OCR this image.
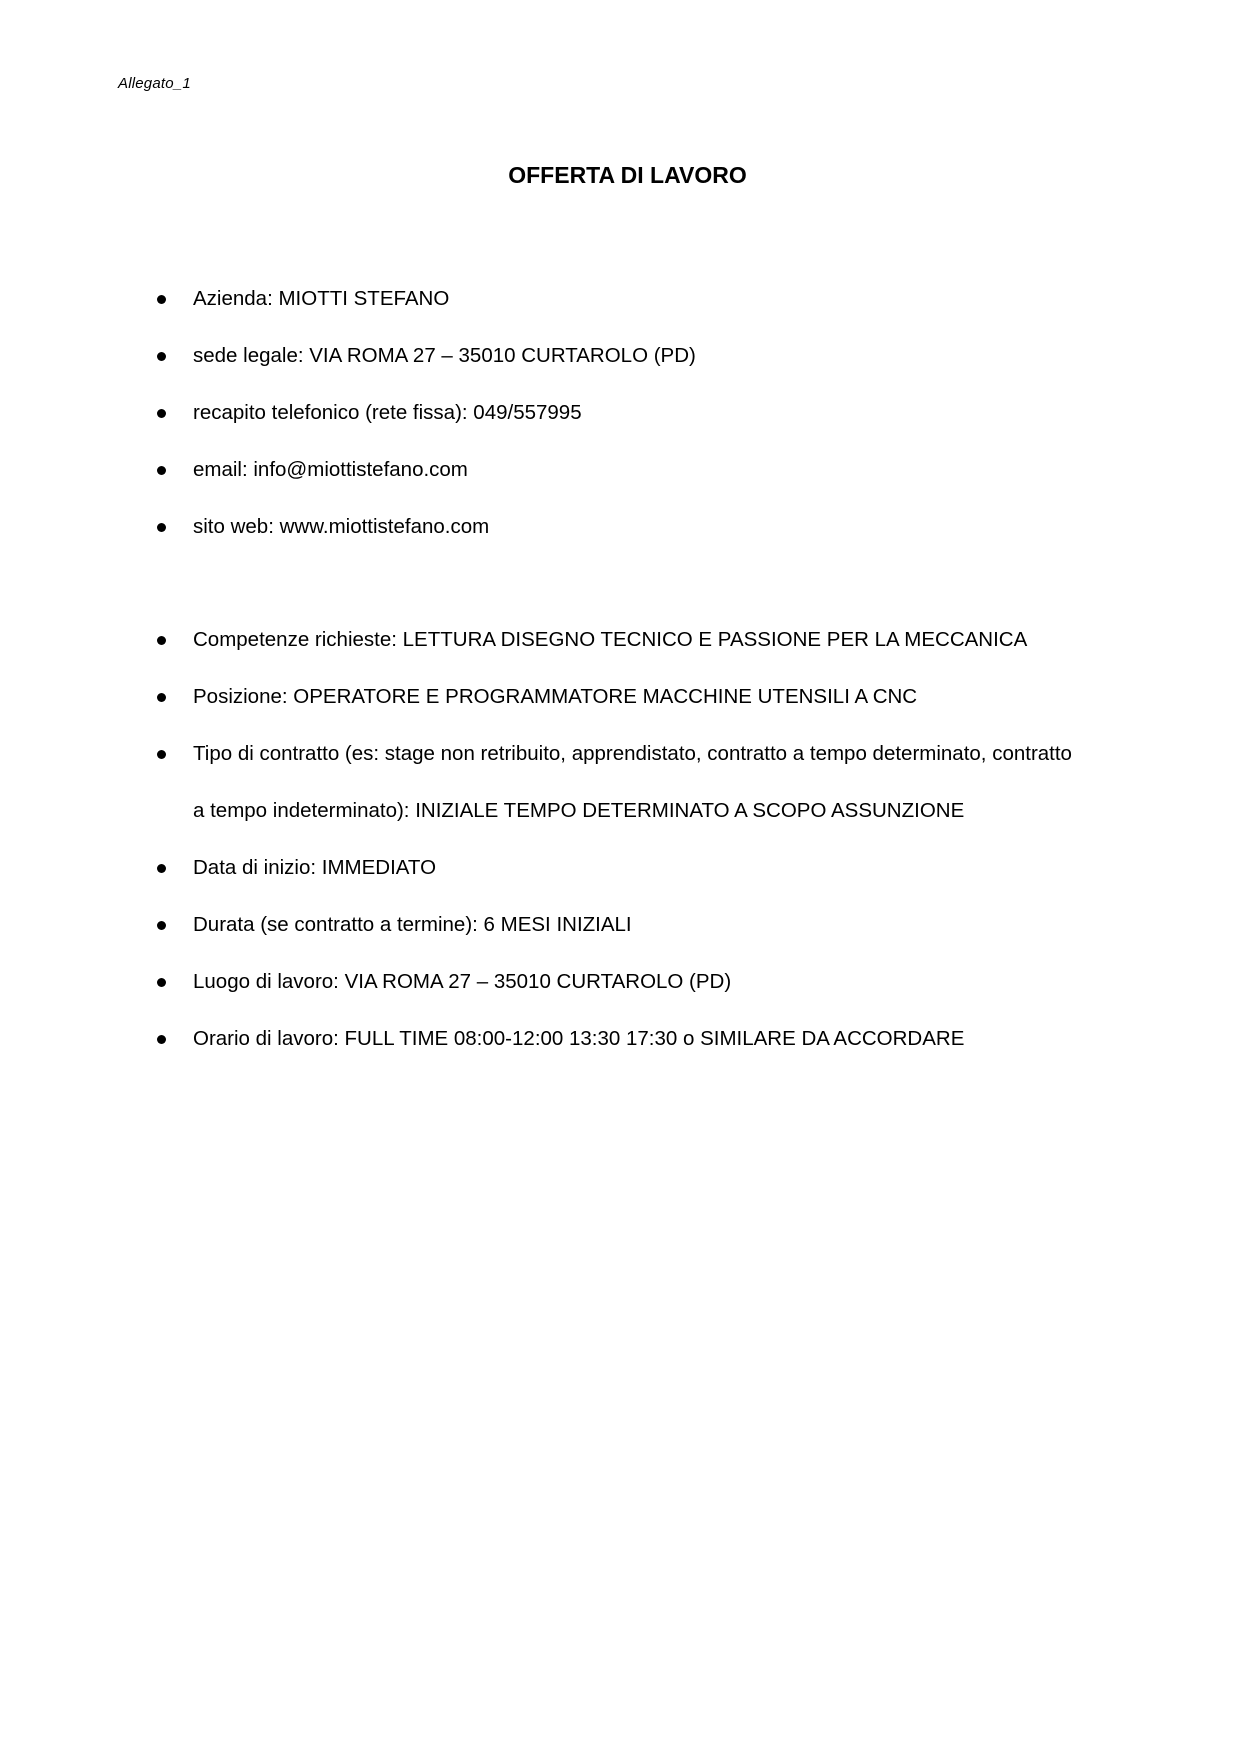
Allegato_1
OFFERTA DI LAVORO
Azienda: MIOTTI STEFANO
sede legale: VIA ROMA 27 – 35010 CURTAROLO (PD)
recapito telefonico (rete fissa): 049/557995
email: info@miottistefano.com
sito web: www.miottistefano.com
Competenze richieste: LETTURA DISEGNO TECNICO E PASSIONE PER LA MECCANICA
Posizione: OPERATORE E PROGRAMMATORE MACCHINE UTENSILI A CNC
Tipo di contratto (es: stage non retribuito, apprendistato, contratto a tempo determinato, contratto
a tempo indeterminato): INIZIALE TEMPO DETERMINATO A SCOPO ASSUNZIONE
Data di inizio: IMMEDIATO
Durata (se contratto a termine): 6 MESI INIZIALI
Luogo di lavoro: VIA ROMA 27 – 35010 CURTAROLO (PD)
Orario di lavoro: FULL TIME 08:00-12:00 13:30 17:30 o SIMILARE DA ACCORDARE
